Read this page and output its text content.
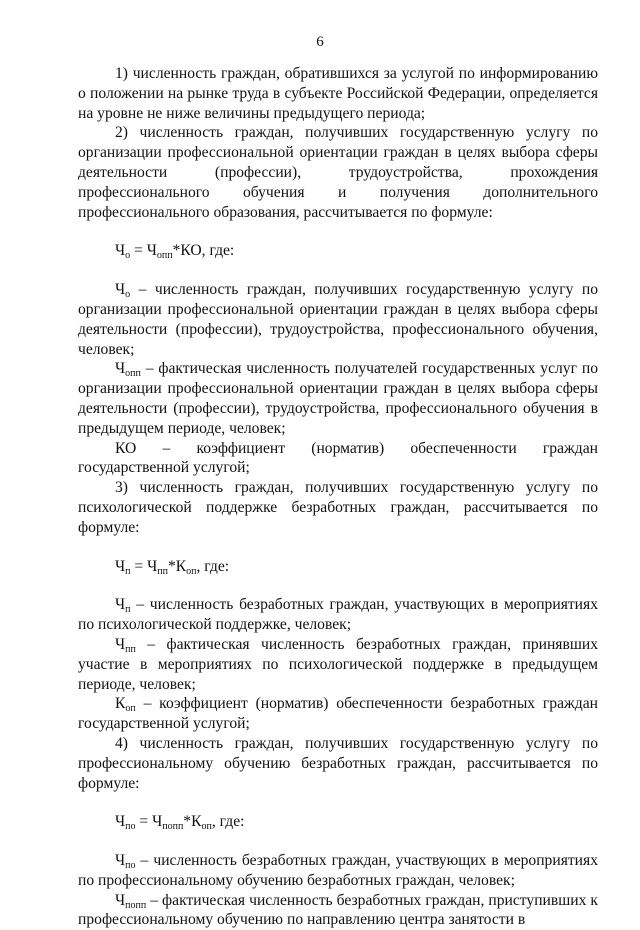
6

1) численность граждан, обратившихся за услугой по информированию о положении на рынке труда в субъекте Российской Федерации, определяется на уровне не ниже величины предыдущего периода;

2) численность граждан, получивших государственную услугу по организации профессиональной ориентации граждан в целях выбора сферы деятельности (профессии), трудоустройства, прохождения профессионального обучения и получения дополнительного профессионального образования, рассчитывается по формуле:

$Ч_о = Ч_{опп}*КО$, где:

$Ч_о$ – численность граждан, получивших государственную услугу по организации профессиональной ориентации граждан в целях выбора сферы деятельности (профессии), трудоустройства, профессионального обучения, человек;

$Ч_{опп}$ – фактическая численность получателей государственных услуг по организации профессиональной ориентации граждан в целях выбора сферы деятельности (профессии), трудоустройства, профессионального обучения в предыдущем периоде, человек;

КО – коэффициент (норматив) обеспеченности граждан государственной услугой;

3) численность граждан, получивших государственную услугу по психологической поддержке безработных граждан, рассчитывается по формуле:

$Ч_п = Ч_{пп}*К_{оп}$, где:

$Ч_п$ – численность безработных граждан, участвующих в мероприятиях по психологической поддержке, человек;

$Ч_{пп}$ – фактическая численность безработных граждан, принявших участие в мероприятиях по психологической поддержке в предыдущем периоде, человек;

$К_{оп}$ – коэффициент (норматив) обеспеченности безработных граждан государственной услугой;

4) численность граждан, получивших государственную услугу по профессиональному обучению безработных граждан, рассчитывается по формуле:

$Ч_{по} = Ч_{попп}*К_{оп}$, где:

$Ч_{по}$ – численность безработных граждан, участвующих в мероприятиях по профессиональному обучению безработных граждан, человек;

$Ч_{попп}$ – фактическая численность безработных граждан, приступивших к профессиональному обучению по направлению центра занятости в
